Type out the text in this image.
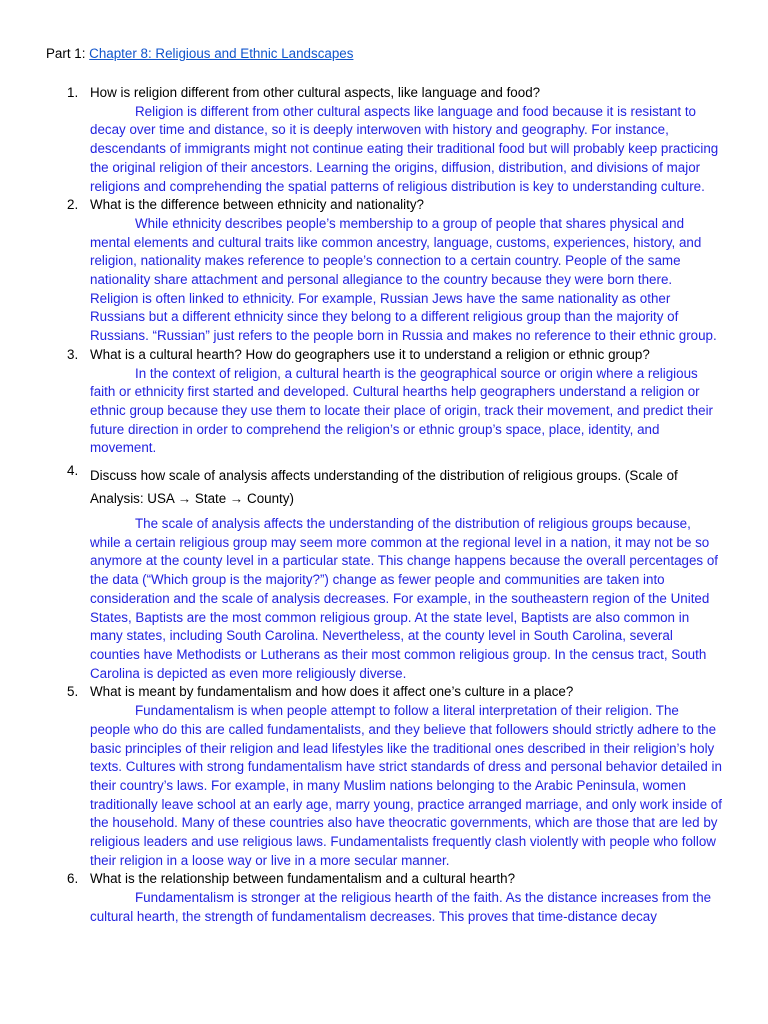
Part 1: Chapter 8: Religious and Ethnic Landscapes
1. How is religion different from other cultural aspects, like language and food?
Religion is different from other cultural aspects like language and food because it is resistant to decay over time and distance, so it is deeply interwoven with history and geography. For instance, descendants of immigrants might not continue eating their traditional food but will probably keep practicing the original religion of their ancestors. Learning the origins, diffusion, distribution, and divisions of major religions and comprehending the spatial patterns of religious distribution is key to understanding culture.
2. What is the difference between ethnicity and nationality?
While ethnicity describes people’s membership to a group of people that shares physical and mental elements and cultural traits like common ancestry, language, customs, experiences, history, and religion, nationality makes reference to people’s connection to a certain country. People of the same nationality share attachment and personal allegiance to the country because they were born there. Religion is often linked to ethnicity. For example, Russian Jews have the same nationality as other Russians but a different ethnicity since they belong to a different religious group than the majority of Russians. “Russian” just refers to the people born in Russia and makes no reference to their ethnic group.
3. What is a cultural hearth? How do geographers use it to understand a religion or ethnic group?
In the context of religion, a cultural hearth is the geographical source or origin where a religious faith or ethnicity first started and developed. Cultural hearths help geographers understand a religion or ethnic group because they use them to locate their place of origin, track their movement, and predict their future direction in order to comprehend the religion’s or ethnic group’s space, place, identity, and movement.
4. Discuss how scale of analysis affects understanding of the distribution of religious groups. (Scale of
Analysis: USA → State → County)
The scale of analysis affects the understanding of the distribution of religious groups because, while a certain religious group may seem more common at the regional level in a nation, it may not be so anymore at the county level in a particular state. This change happens because the overall percentages of the data (“Which group is the majority?”) change as fewer people and communities are taken into consideration and the scale of analysis decreases. For example, in the southeastern region of the United States, Baptists are the most common religious group. At the state level, Baptists are also common in many states, including South Carolina. Nevertheless, at the county level in South Carolina, several counties have Methodists or Lutherans as their most common religious group. In the census tract, South Carolina is depicted as even more religiously diverse.
5. What is meant by fundamentalism and how does it affect one’s culture in a place?
Fundamentalism is when people attempt to follow a literal interpretation of their religion. The people who do this are called fundamentalists, and they believe that followers should strictly adhere to the basic principles of their religion and lead lifestyles like the traditional ones described in their religion’s holy texts. Cultures with strong fundamentalism have strict standards of dress and personal behavior detailed in their country’s laws. For example, in many Muslim nations belonging to the Arabic Peninsula, women traditionally leave school at an early age, marry young, practice arranged marriage, and only work inside of the household. Many of these countries also have theocratic governments, which are those that are led by religious leaders and use religious laws. Fundamentalists frequently clash violently with people who follow their religion in a loose way or live in a more secular manner.
6. What is the relationship between fundamentalism and a cultural hearth?
Fundamentalism is stronger at the religious hearth of the faith. As the distance increases from the cultural hearth, the strength of fundamentalism decreases. This proves that time-distance decay
